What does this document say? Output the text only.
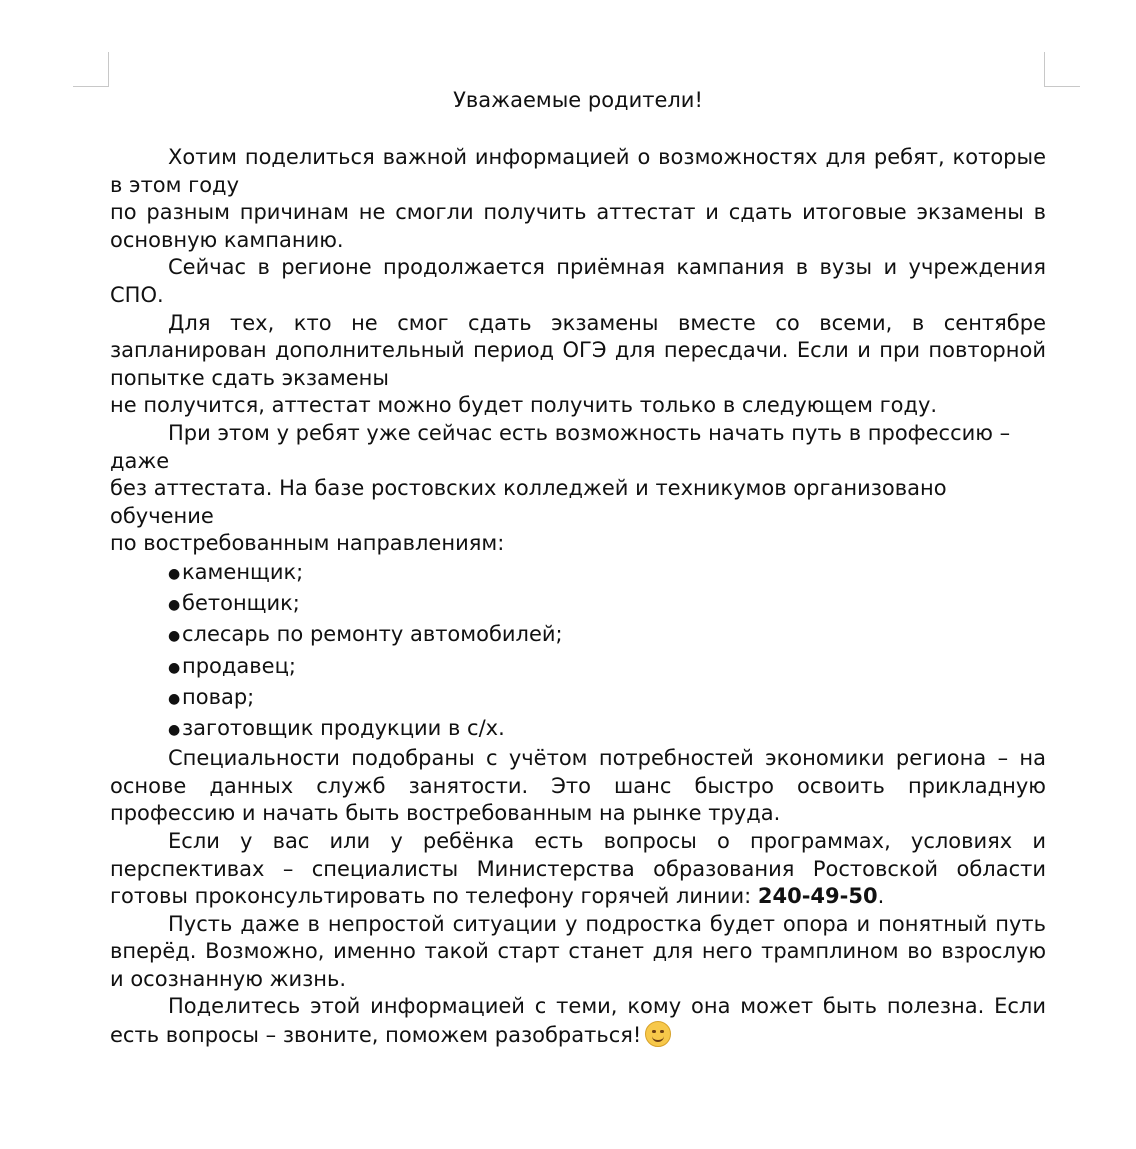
Уважаемые родители!

Хотим поделиться важной информацией о возможностях для ребят, которые в этом году

по разным причинам не смогли получить аттестат и сдать итоговые экзамены в основную кампанию.

Сейчас в регионе продолжается приёмная кампания в вузы и учреждения СПО.

Для тех, кто не смог сдать экзамены вместе со всеми, в сентябре запланирован дополнительный период ОГЭ для пересдачи. Если и при повторной попытке сдать экзамены

не получится, аттестат можно будет получить только в следующем году.

При этом у ребят уже сейчас есть возможность начать путь в профессию – даже

без аттестата. На базе ростовских колледжей и техникумов организовано обучение

по востребованным направлениям:

●каменщик;
●бетонщик;
●слесарь по ремонту автомобилей;
●продавец;
●повар;
●заготовщик продукции в с/х.

Специальности подобраны с учётом потребностей экономики региона – на основе данных служб занятости. Это шанс быстро освоить прикладную профессию и начать быть востребованным на рынке труда.

Если у вас или у ребёнка есть вопросы о программах, условиях и перспективах – специалисты Министерства образования Ростовской области готовы проконсультировать по телефону горячей линии: 240-49-50.

Пусть даже в непростой ситуации у подростка будет опора и понятный путь вперёд. Возможно, именно такой старт станет для него трамплином во взрослую и осознанную жизнь.

Поделитесь этой информацией с теми, кому она может быть полезна. Если есть вопросы – звоните, поможем разобраться!
